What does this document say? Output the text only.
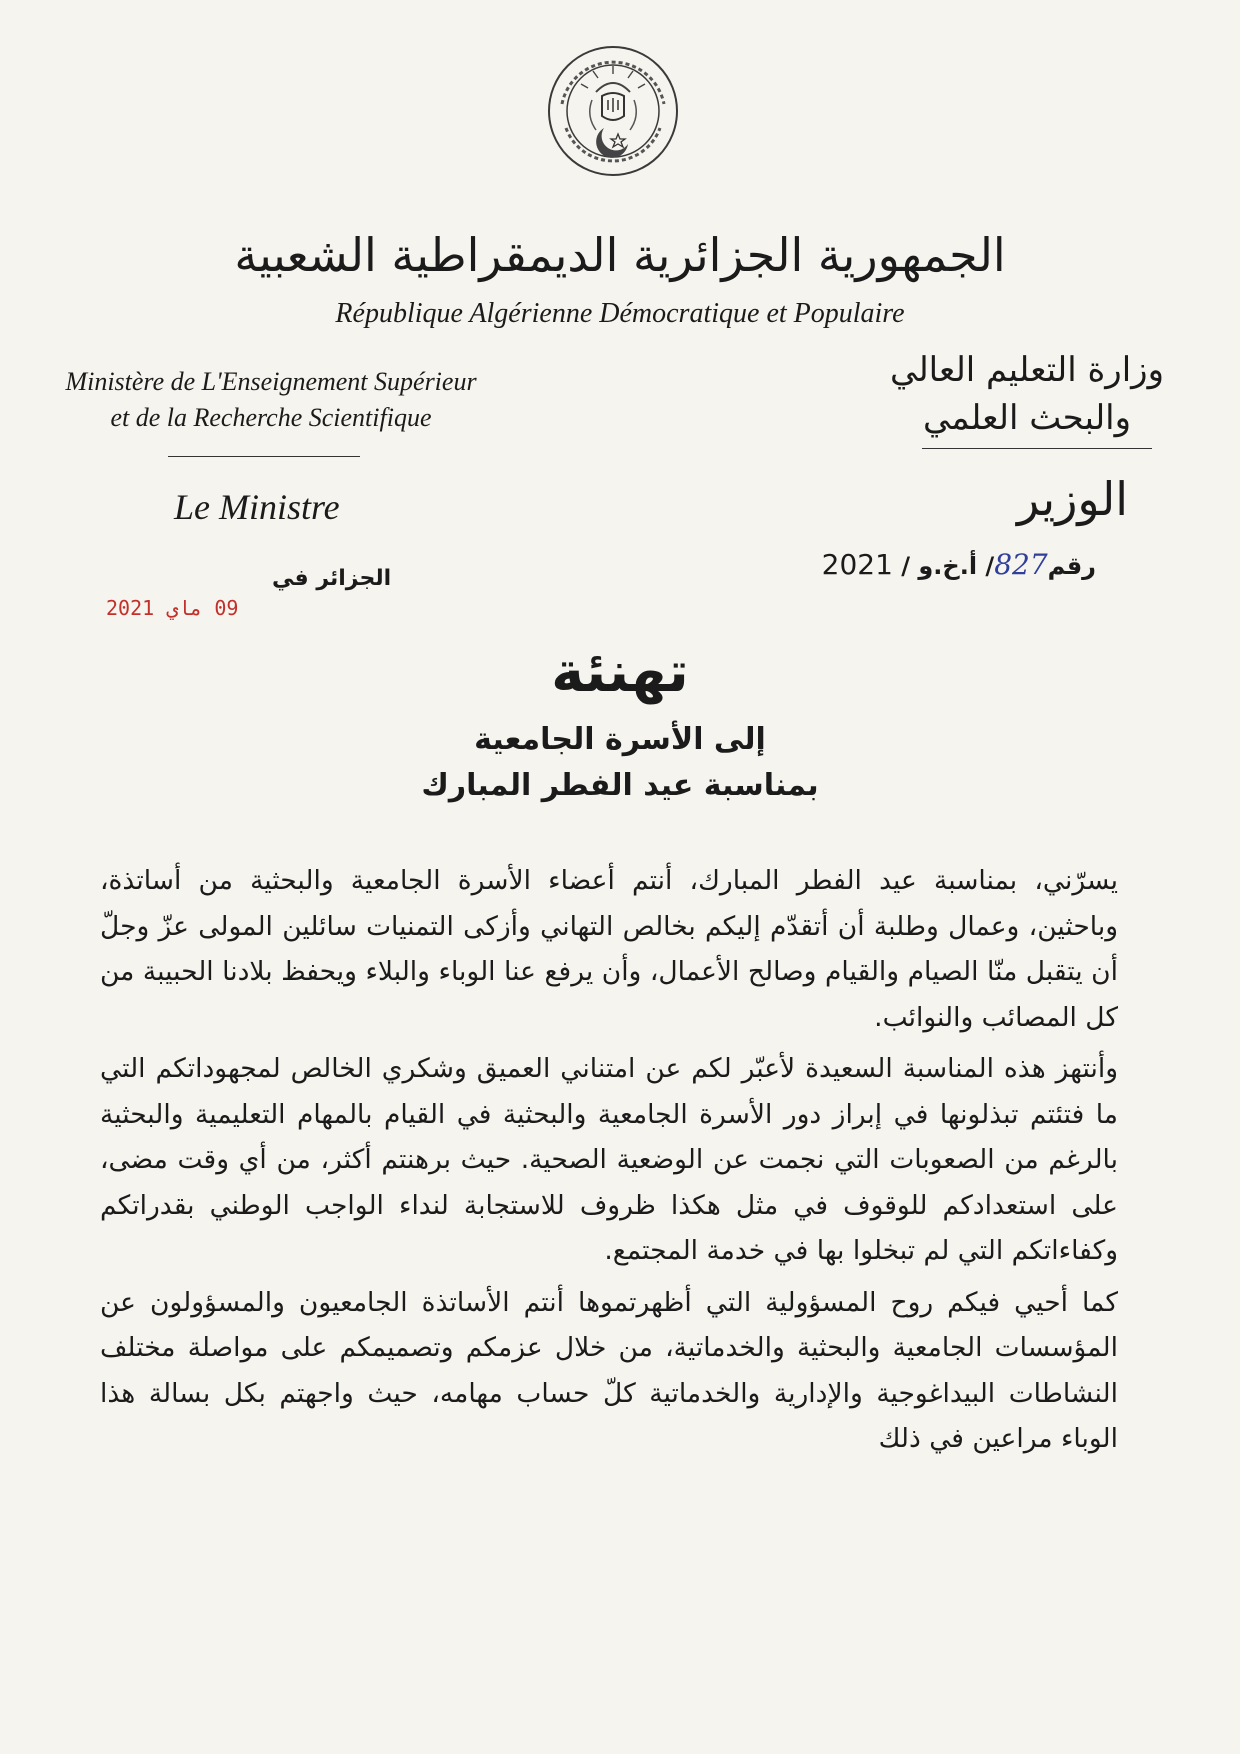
الجمهورية الجزائرية الديمقراطية الشعبية
République Algérienne Démocratique et Populaire
Ministère de L'Enseignement Supérieur
et de la Recherche Scientifique
وزارة التعليم العالي
والبحث العلمي
Le Ministre	الوزير
رقم827/ أ.خ.و / 2021
الجزائر في
09 ماي 2021
تهنئة
إلى الأسرة الجامعية
بمناسبة عيد الفطر المبارك

يسرّني، بمناسبة عيد الفطر المبارك، أنتم أعضاء الأسرة الجامعية والبحثية من أساتذة، وباحثين، وعمال وطلبة أن أتقدّم إليكم بخالص التهاني وأزكى التمنيات سائلين المولى عزّ وجلّ أن يتقبل منّا الصيام والقيام وصالح الأعمال، وأن يرفع عنا الوباء والبلاء ويحفظ بلادنا الحبيبة من كل المصائب والنوائب.

وأنتهز هذه المناسبة السعيدة لأعبّر لكم عن امتناني العميق وشكري الخالص لمجهوداتكم التي ما فتئتم تبذلونها في إبراز دور الأسرة الجامعية والبحثية في القيام بالمهام التعليمية والبحثية بالرغم من الصعوبات التي نجمت عن الوضعية الصحية. حيث برهنتم أكثر، من أي وقت مضى، على استعدادكم للوقوف في مثل هكذا ظروف للاستجابة لنداء الواجب الوطني بقدراتكم وكفاءاتكم التي لم تبخلوا بها في خدمة المجتمع.

كما أحيي فيكم روح المسؤولية التي أظهرتموها أنتم الأساتذة الجامعيون والمسؤولون عن المؤسسات الجامعية والبحثية والخدماتية، من خلال عزمكم وتصميمكم على مواصلة مختلف النشاطات البيداغوجية والإدارية والخدماتية كلّ حساب مهامه، حيث واجهتم بكل بسالة هذا الوباء مراعين في ذلك
